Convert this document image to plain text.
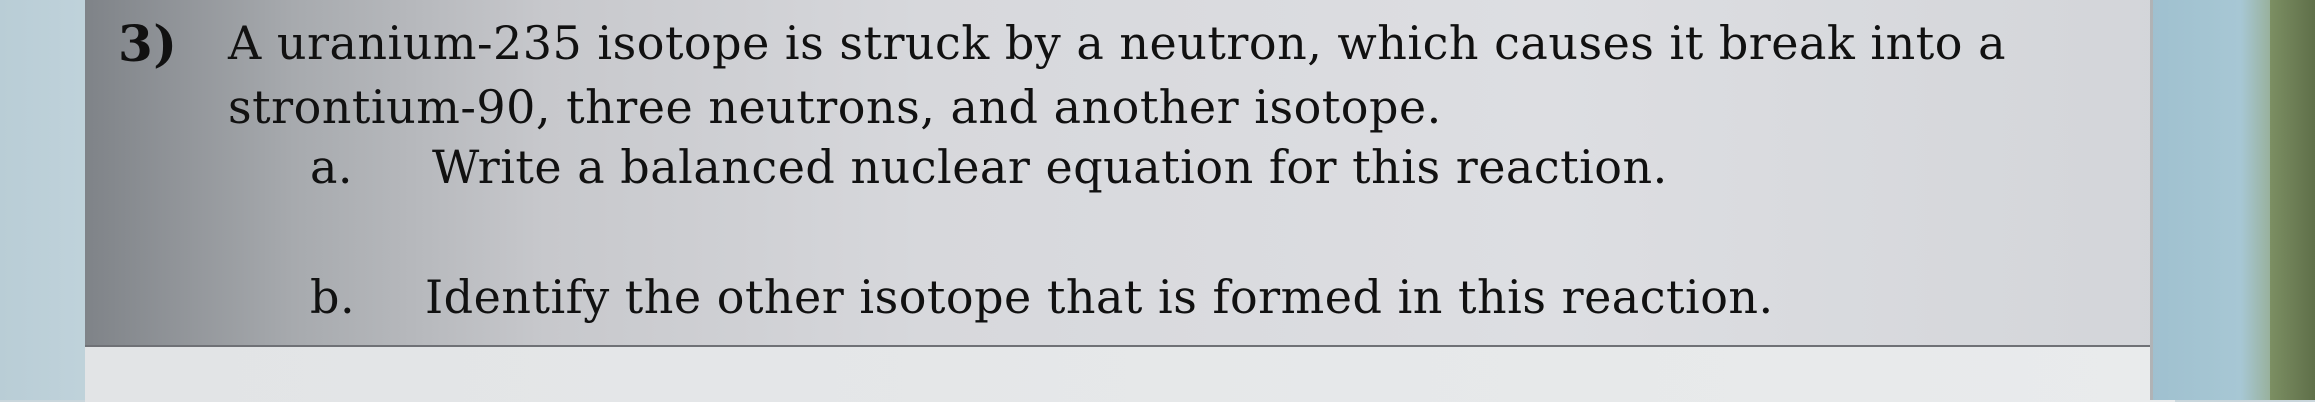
3) A uranium-235 isotope is struck by a neutron, which causes it break into a
strontium-90, three neutrons, and another isotope.
a. Write a balanced nuclear equation for this reaction.
b. Identify the other isotope that is formed in this reaction.
